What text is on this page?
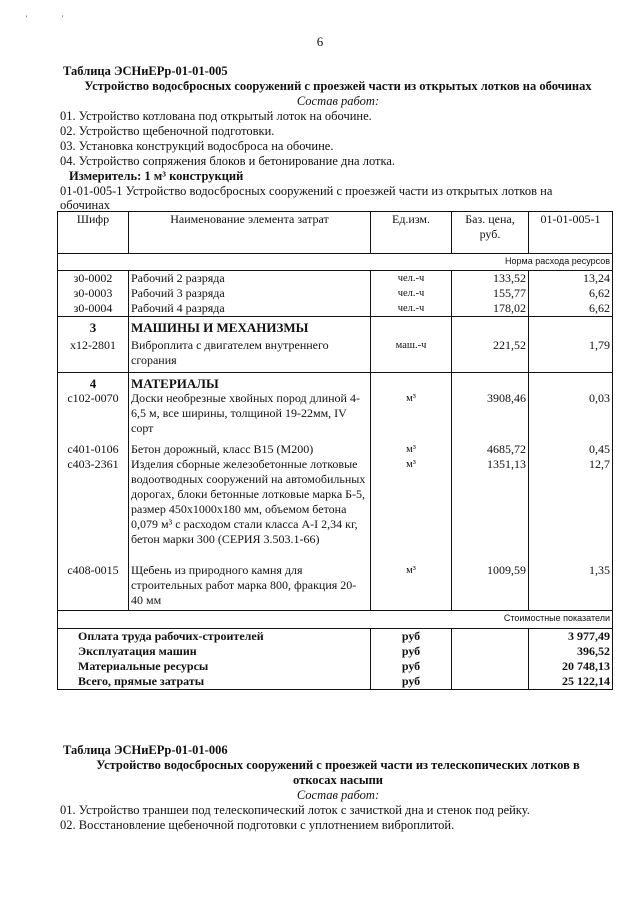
'	'
6
Таблица ЭСНиЕРр-01-01-005
Устройство водосбросных сооружений с проезжей части из открытых лотков на обочинах
Состав работ:
01. Устройство котлована под открытый лоток на обочине.
02. Устройство щебеночной подготовки.
03. Установка конструкций водосброса на обочине.
04. Устройство сопряжения блоков и бетонирование дна лотка.
Измеритель: 1 м³ конструкций
01-01-005-1 Устройство водосбросных сооружений с проезжей части из открытых лотков на
обочинах
Шифр	Наименование элемента затрат	Ед.изм.	Баз. цена, руб.	01-01-005-1
Норма расхода ресурсов				
з0-0002	Рабочий 2 разряда	чел.-ч	133,52	13,24
з0-0003	Рабочий 3 разряда	чел.-ч	155,77	6,62
з0-0004	Рабочий 4 разряда	чел.-ч	178,02	6,62
3	МАШИНЫ И МЕХАНИЗМЫ			
х12-2801	Виброплита с двигателем внутреннего сгорания	маш.-ч	221,52	1,79
4	МАТЕРИАЛЫ			
с102-0070	Доски необрезные хвойных пород длиной 4-6,5 м, все ширины, толщиной 19-22мм, IV сорт	м³	3908,46	0,03
с401-0106	Бетон дорожный, класс В15 (М200)	м³	4685,72	0,45
с403-2361	Изделия сборные железобетонные лотковые водоотводных сооружений на автомобильных дорогах, блоки бетонные лотковые марка Б-5, размер 450х1000х180 мм, объемом бетона 0,079 м³ с расходом стали класса А-I 2,34 кг, бетон марки 300 (СЕРИЯ 3.503.1-66)	м³	1351,13	12,7
с408-0015	Щебень из природного камня для строительных работ марка 800, фракция 20-40 мм	м³	1009,59	1,35
Стоимостные показатели				
Оплата труда рабочих-строителей		руб		3 977,49
Эксплуатация машин		руб		396,52
Материальные ресурсы		руб		20 748,13
Всего, прямые затраты		руб		25 122,14
Таблица ЭСНиЕРр-01-01-006
Устройство водосбросных сооружений с проезжей части из телескопических лотков в
откосах насыпи
Состав работ:
01. Устройство траншеи под телескопический лоток с зачисткой дна и стенок под рейку.
02. Восстановление щебеночной подготовки с уплотнением виброплитой.
